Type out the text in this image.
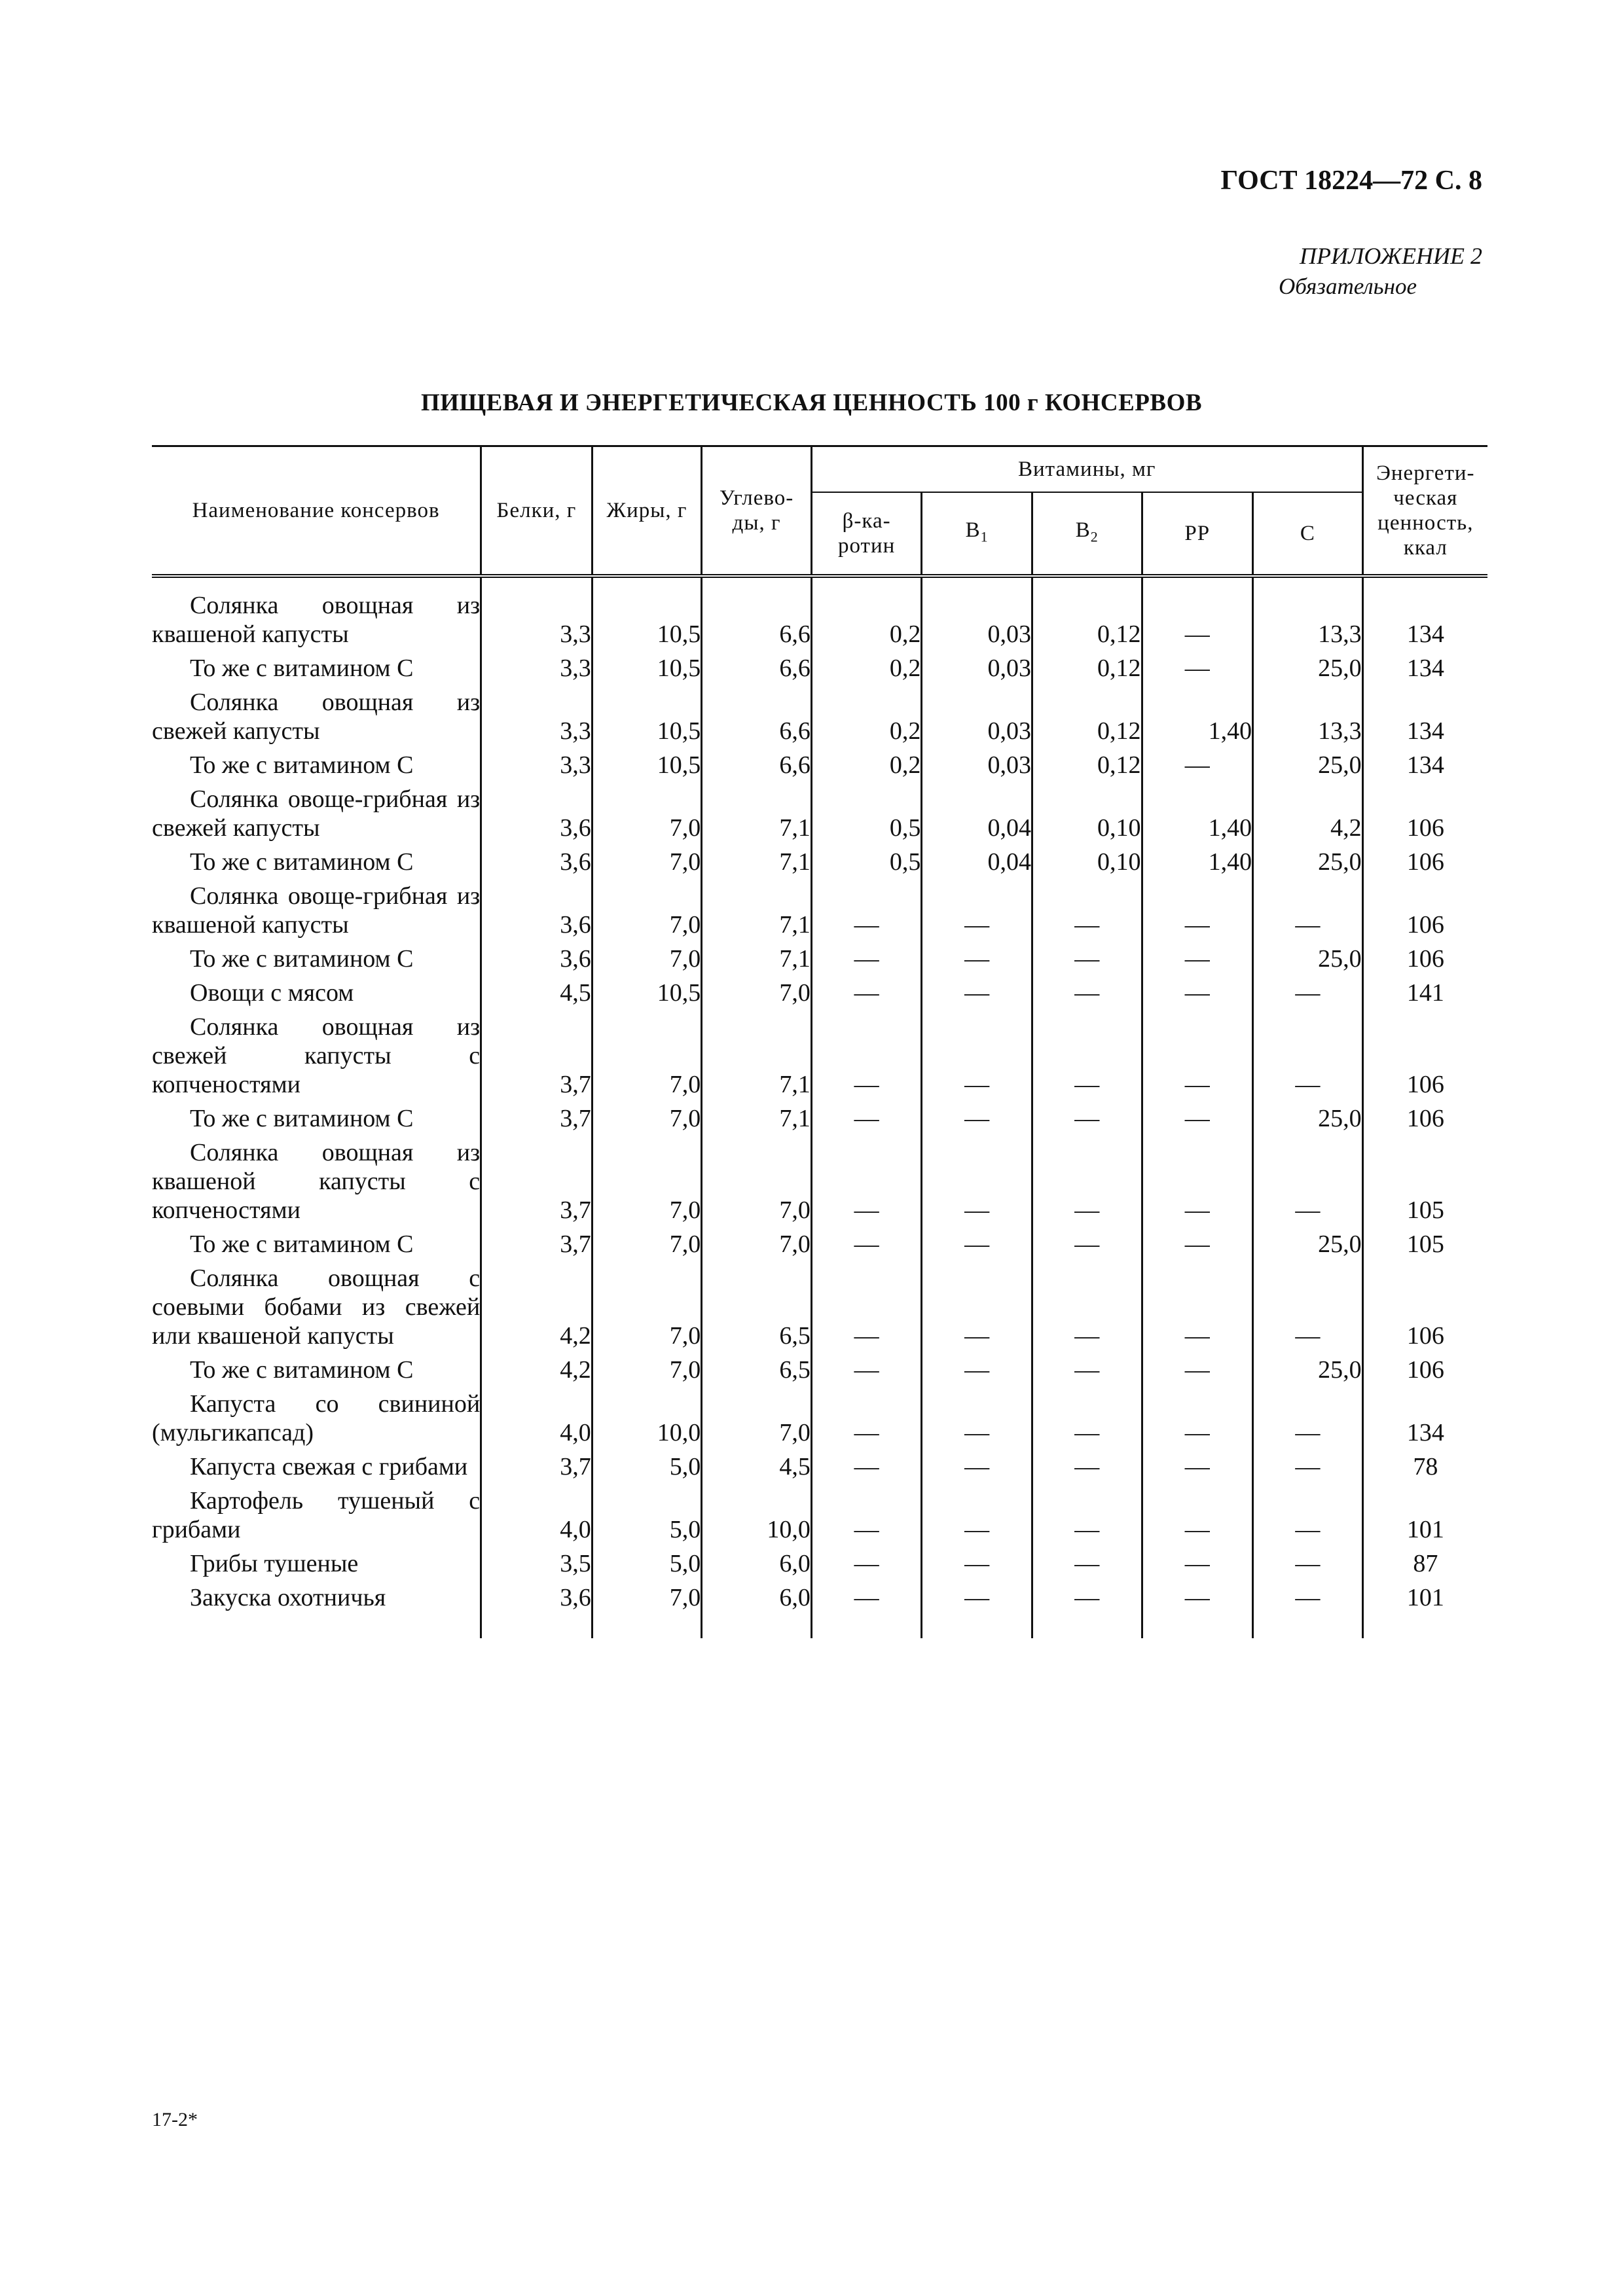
ГОСТ 18224—72 С. 8
ПРИЛОЖЕНИЕ 2
Обязательное
ПИЩЕВАЯ И ЭНЕРГЕТИЧЕСКАЯ ЦЕННОСТЬ 100 г КОНСЕРВОВ
Наименование консервов	Белки, г	Жиры, г	Углево-ды, г	Витамины, мг					Энергети-ческая ценность, ккал
				β-ка-ротин	$B_1$	$B_2$	PP	C	

Солянка овощная из квашеной капусты	3,3	10,5	6,6	0,2	0,03	0,12	—	13,3	134

То же с витамином С	3,3	10,5	6,6	0,2	0,03	0,12	—	25,0	134

Солянка овощная из свежей капусты	3,3	10,5	6,6	0,2	0,03	0,12	1,40	13,3	134

То же с витамином С	3,3	10,5	6,6	0,2	0,03	0,12	—	25,0	134

Солянка овоще-грибная из свежей капусты	3,6	7,0	7,1	0,5	0,04	0,10	1,40	4,2	106

То же с витамином С	3,6	7,0	7,1	0,5	0,04	0,10	1,40	25,0	106

Солянка овоще-грибная из квашеной капусты	3,6	7,0	7,1	—	—	—	—	—	106

То же с витамином С	3,6	7,0	7,1	—	—	—	—	25,0	106

Овощи с мясом	4,5	10,5	7,0	—	—	—	—	—	141

Солянка овощная из свежей капусты с копченостями	3,7	7,0	7,1	—	—	—	—	—	106

То же с витамином С	3,7	7,0	7,1	—	—	—	—	25,0	106

Солянка овощная из квашеной капусты с копченостями	3,7	7,0	7,0	—	—	—	—	—	105

То же с витамином С	3,7	7,0	7,0	—	—	—	—	25,0	105

Солянка овощная с соевыми бобами из свежей или квашеной капусты	4,2	7,0	6,5	—	—	—	—	—	106

То же с витамином С	4,2	7,0	6,5	—	—	—	—	25,0	106

Капуста со свининой (мульгикапсад)	4,0	10,0	7,0	—	—	—	—	—	134

Капуста свежая с грибами	3,7	5,0	4,5	—	—	—	—	—	78

Картофель тушеный с грибами	4,0	5,0	10,0	—	—	—	—	—	101

Грибы тушеные	3,5	5,0	6,0	—	—	—	—	—	87

Закуска охотничья	3,6	7,0	6,0	—	—	—	—	—	101
17-2*
